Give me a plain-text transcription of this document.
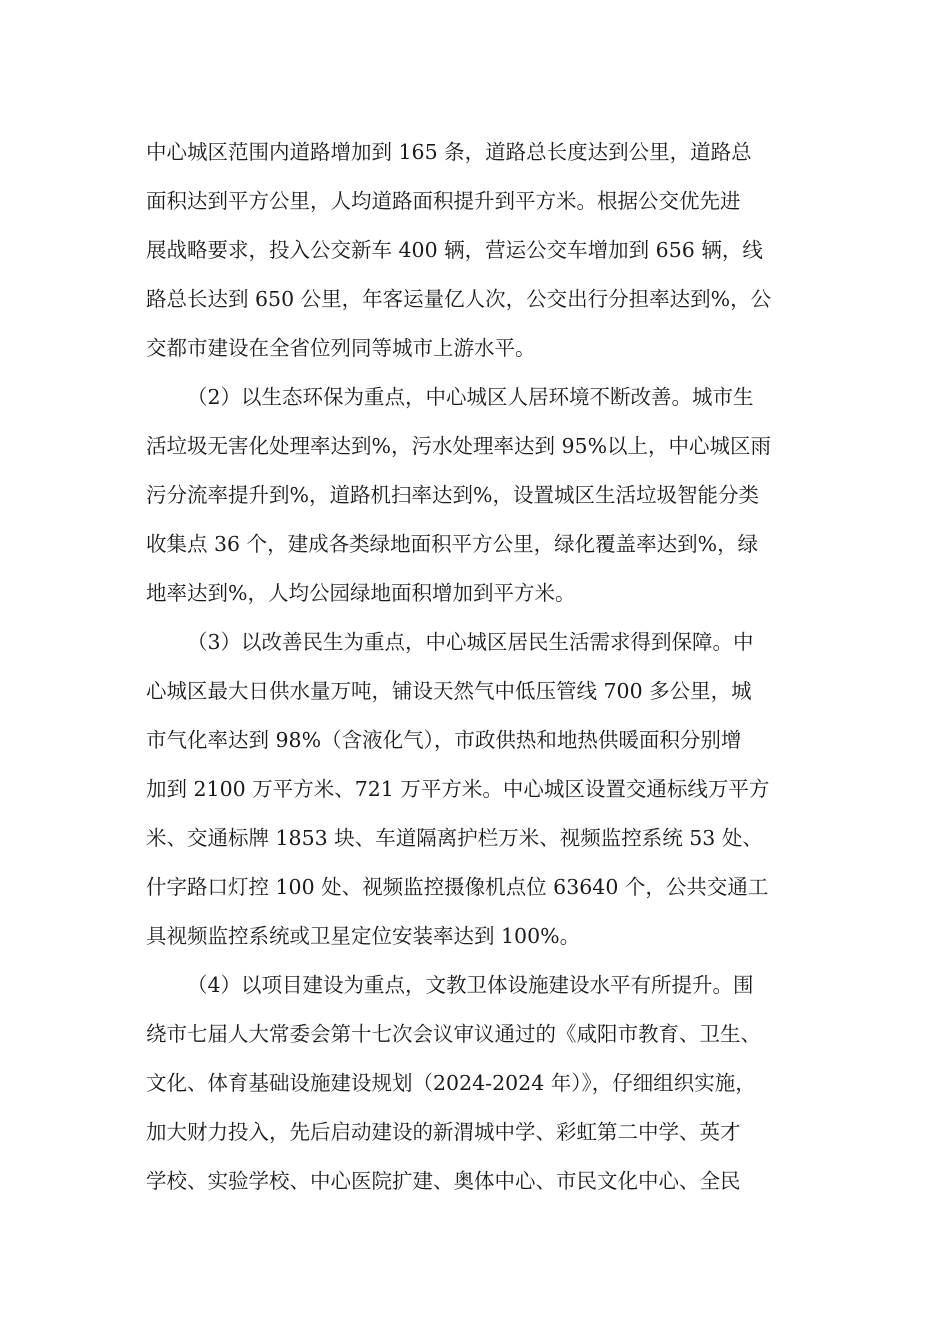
中心城区范围内道路增加到 165 条，道路总长度达到公里，道路总
面积达到平方公里，人均道路面积提升到平方米。根据公交优先进
展战略要求，投入公交新车 400 辆，营运公交车增加到 656 辆，线
路总长达到 650 公里，年客运量亿人次，公交出行分担率达到%，公
交都市建设在全省位列同等城市上游水平。
（2）以生态环保为重点，中心城区人居环境不断改善。城市生
活垃圾无害化处理率达到%，污水处理率达到 95%以上，中心城区雨
污分流率提升到%，道路机扫率达到%，设置城区生活垃圾智能分类
收集点 36 个，建成各类绿地面积平方公里，绿化覆盖率达到%，绿
地率达到%，人均公园绿地面积增加到平方米。
（3）以改善民生为重点，中心城区居民生活需求得到保障。中
心城区最大日供水量万吨，铺设天然气中低压管线 700 多公里，城
市气化率达到 98%（含液化气），市政供热和地热供暖面积分别增
加到 2100 万平方米、721 万平方米。中心城区设置交通标线万平方
米、交通标牌 1853 块、车道隔离护栏万米、视频监控系统 53 处、
什字路口灯控 100 处、视频监控摄像机点位 63640 个，公共交通工
具视频监控系统或卫星定位安装率达到 100%。
（4）以项目建设为重点，文教卫体设施建设水平有所提升。围
绕市七届人大常委会第十七次会议审议通过的《咸阳市教育、卫生、
文化、体育基础设施建设规划（2024-2024 年）》，仔细组织实施，
加大财力投入，先后启动建设的新渭城中学、彩虹第二中学、英才
学校、实验学校、中心医院扩建、奥体中心、市民文化中心、全民
